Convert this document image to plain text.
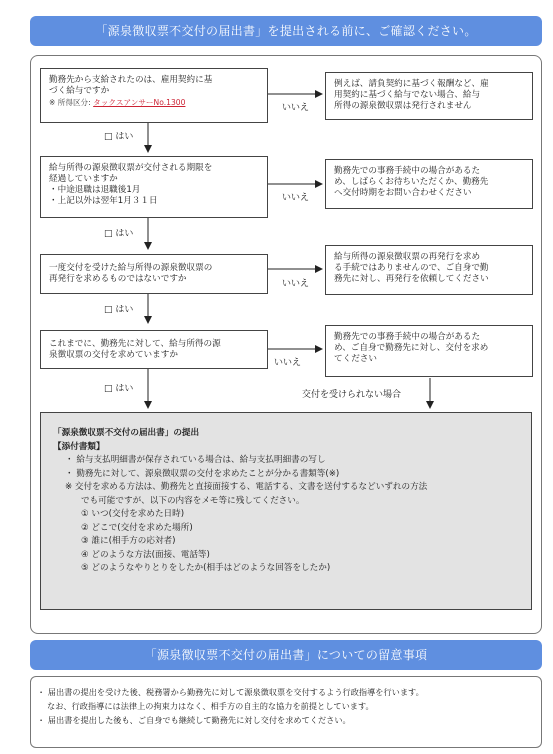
「源泉徴収票不交付の届出書」を提出される前に、ご確認ください。
勤務先から支給されたのは、雇用契約に基
づく給与ですか
※ 所得区分: タックスアンサーNo.1300
給与所得の源泉徴収票が交付される期限を
経過していますか
・中途退職は退職後1月
・上記以外は翌年1月３１日
一度交付を受けた給与所得の源泉徴収票の
再発行を求めるものではないですか
これまでに、勤務先に対して、給与所得の源
泉徴収票の交付を求めていますか
例えば、請負契約に基づく報酬など、雇
用契約に基づく給与でない場合、給与
所得の源泉徴収票は発行されません
勤務先での事務手続中の場合があるた
め、しばらくお待ちいただくか、勤務先
へ交付時期をお問い合わせください
給与所得の源泉徴収票の再発行を求め
る手続ではありませんので、ご自身で勤
務先に対し、再発行を依頼してください
勤務先での事務手続中の場合があるた
め、ご自身で勤務先に対し、交付を求め
てください
□ はい
□ はい
□ はい
□ はい
いいえ
いいえ
いいえ
いいえ
交付を受けられない場合
「源泉徴収票不交付の届出書」の提出
【添付書類】
・ 給与支払明細書が保存されている場合は、給与支払明細書の写し
・ 勤務先に対して、源泉徴収票の交付を求めたことが分かる書類等(※)
※ 交付を求める方法は、勤務先と直接面接する、電話する、文書を送付するなどいずれの方法
でも可能ですが、以下の内容をメモ等に残してください。
① いつ(交付を求めた日時)
② どこで(交付を求めた場所)
③ 誰に(相手方の応対者)
④ どのような方法(面接、電話等)
⑤ どのようなやりとりをしたか(相手はどのような回答をしたか)
「源泉徴収票不交付の届出書」についての留意事項
・ 届出書の提出を受けた後、税務署から勤務先に対して源泉徴収票を交付するよう行政指導を行います。
なお、行政指導には法律上の拘束力はなく、相手方の自主的な協力を前提としています。
・ 届出書を提出した後も、ご自身でも継続して勤務先に対し交付を求めてください。
